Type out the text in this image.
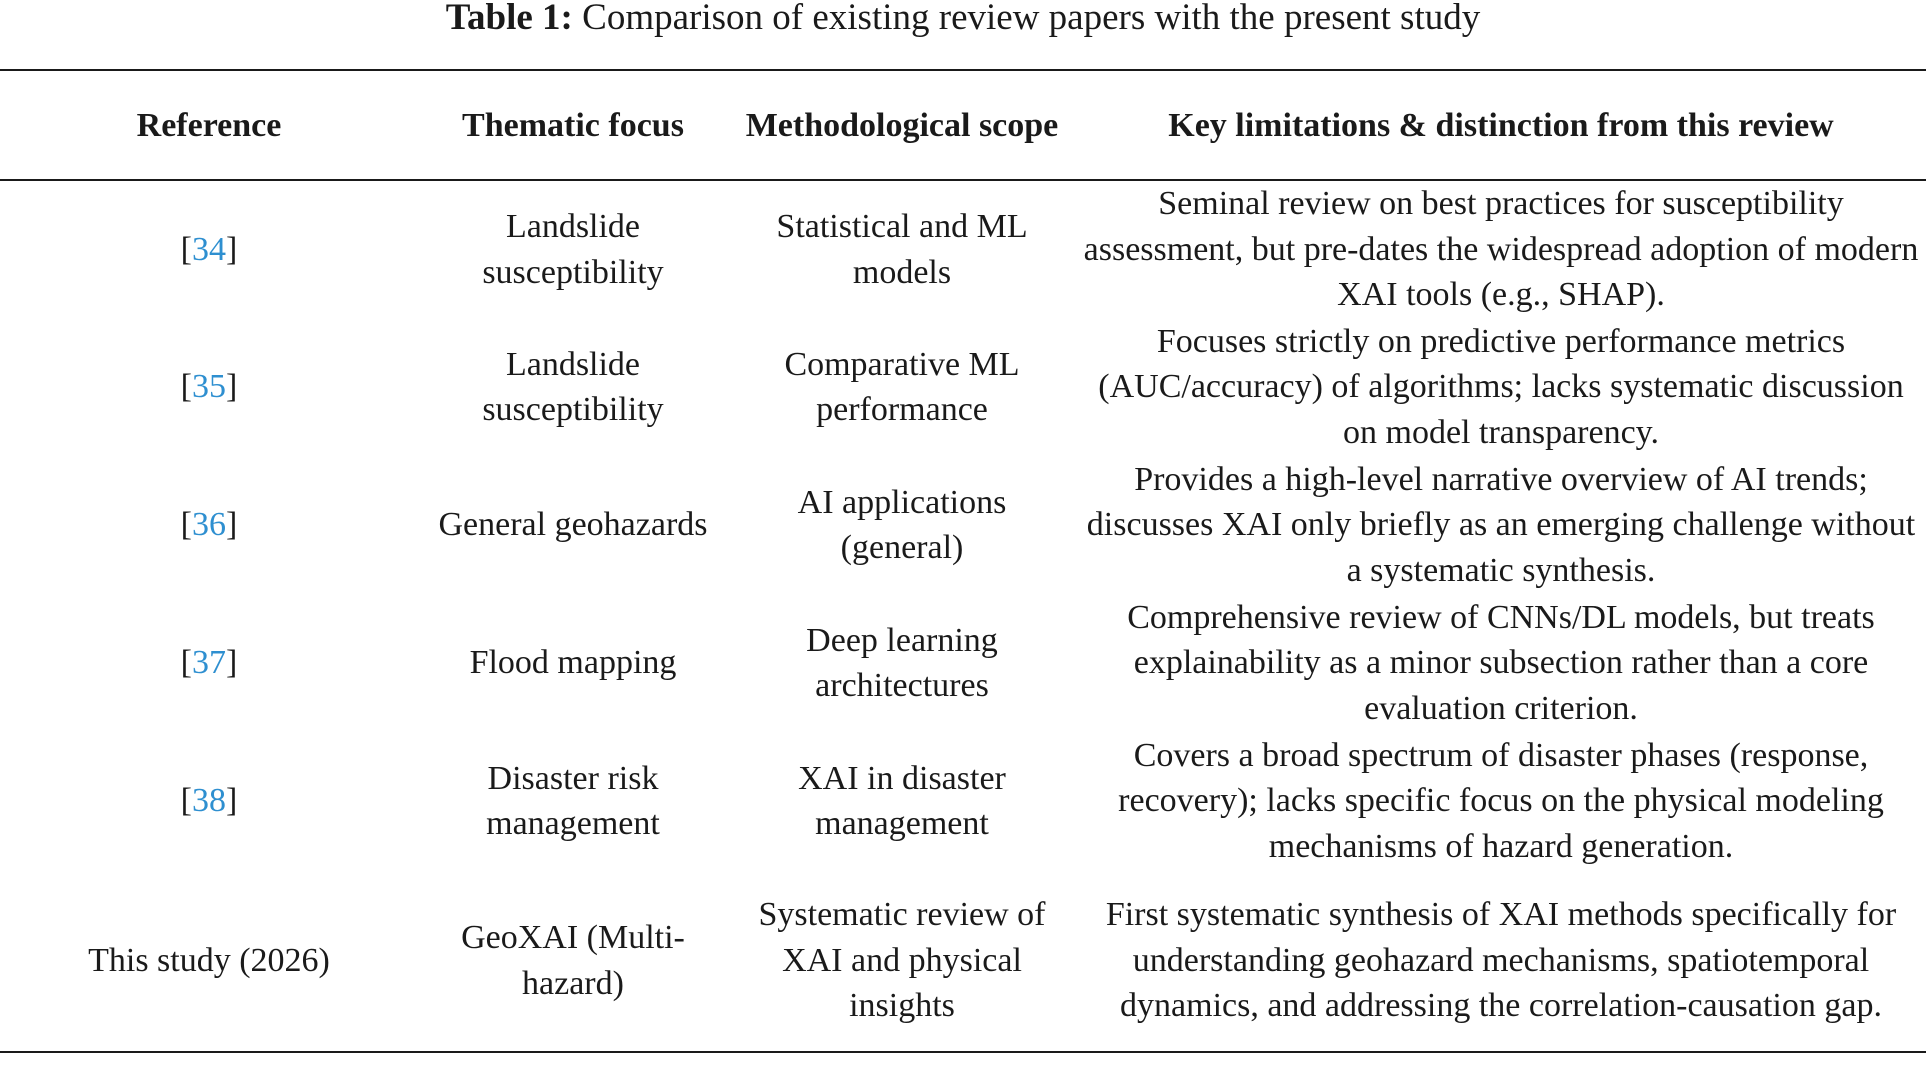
Table 1: Comparison of existing review papers with the present study
Reference	Thematic focus	Methodological scope	Key limitations & distinction from this review
[34]	Landslide susceptibility	Statistical and ML models	Seminal review on best practices for susceptibility assessment, but pre-dates the widespread adoption of modern XAI tools (e.g., SHAP).
[35]	Landslide susceptibility	Comparative ML performance	Focuses strictly on predictive performance metrics (AUC/accuracy) of algorithms; lacks systematic discussion on model transparency.
[36]	General geohazards	AI applications (general)	Provides a high-level narrative overview of AI trends; discusses XAI only briefly as an emerging challenge without a systematic synthesis.
[37]	Flood mapping	Deep learning architectures	Comprehensive review of CNNs/DL models, but treats explainability as a minor subsection rather than a core evaluation criterion.
[38]	Disaster risk management	XAI in disaster management	Covers a broad spectrum of disaster phases (response, recovery); lacks specific focus on the physical modeling mechanisms of hazard generation.
This study (2026)	GeoXAI (Multi-hazard)	Systematic review of XAI and physical insights	First systematic synthesis of XAI methods specifically for understanding geohazard mechanisms, spatiotemporal dynamics, and addressing the correlation-causation gap.
